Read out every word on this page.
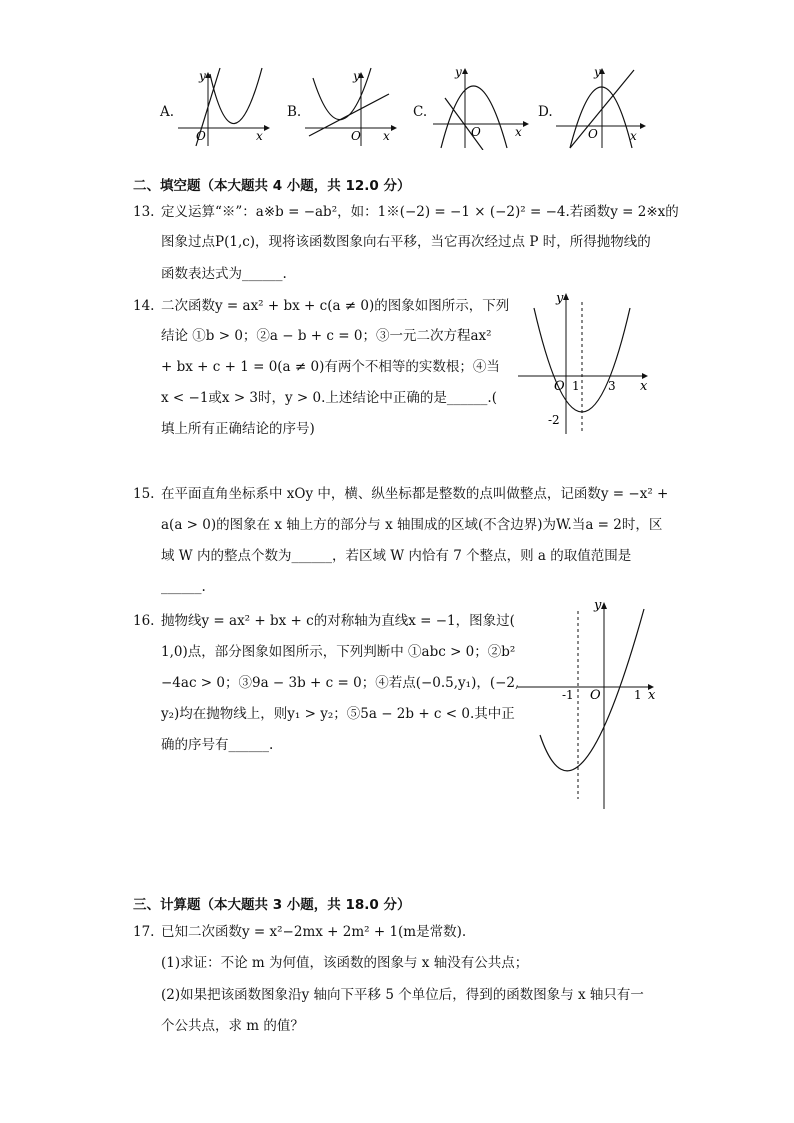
A.
y
O	x
B.
y
O x
C.
y
O	x
D.
y
O	x
二、填空题（本大题共 4 小题，共 12.0 分）
13. 定义运算“※”：a※b = −ab²，如：1※(−2) = −1 × (−2)² = −4.若函数y = 2※x的
图象过点P(1,c)，现将该函数图象向右平移，当它再次经过点 P 时，所得抛物线的
函数表达式为______.
14. 二次函数y = ax² + bx + c(a ≠ 0)的图象如图所示，下列
结论 ①b > 0；②a − b + c = 0；③一元二次方程ax²
+ bx + c + 1 = 0(a ≠ 0)有两个不相等的实数根；④当
x < −1或x > 3时，y > 0.上述结论中正确的是______.(
填上所有正确结论的序号)
y
O 1 3 x
-2
15. 在平面直角坐标系中 xOy 中，横、纵坐标都是整数的点叫做整点，记函数y = −x² +
a(a > 0)的图象在 x 轴上方的部分与 x 轴围成的区域(不含边界)为W.当a = 2时，区
域 W 内的整点个数为______，若区域 W 内恰有 7 个整点，则 a 的取值范围是
______.
16. 抛物线y = ax² + bx + c的对称轴为直线x = −1，图象过(
1,0)点，部分图象如图所示，下列判断中 ①abc > 0；②b²
−4ac > 0；③9a − 3b + c = 0；④若点(−0.5,y₁)，(−2,
y₂)均在抛物线上，则y₁ > y₂；⑤5a − 2b + c < 0.其中正
确的序号有______.
y
-1 O	1 x
三、计算题（本大题共 3 小题，共 18.0 分）
17. 已知二次函数y = x²−2mx + 2m² + 1(m是常数).
(1)求证：不论 m 为何值，该函数的图象与 x 轴没有公共点；
(2)如果把该函数图象沿y 轴向下平移 5 个单位后，得到的函数图象与 x 轴只有一
个公共点，求 m 的值？
